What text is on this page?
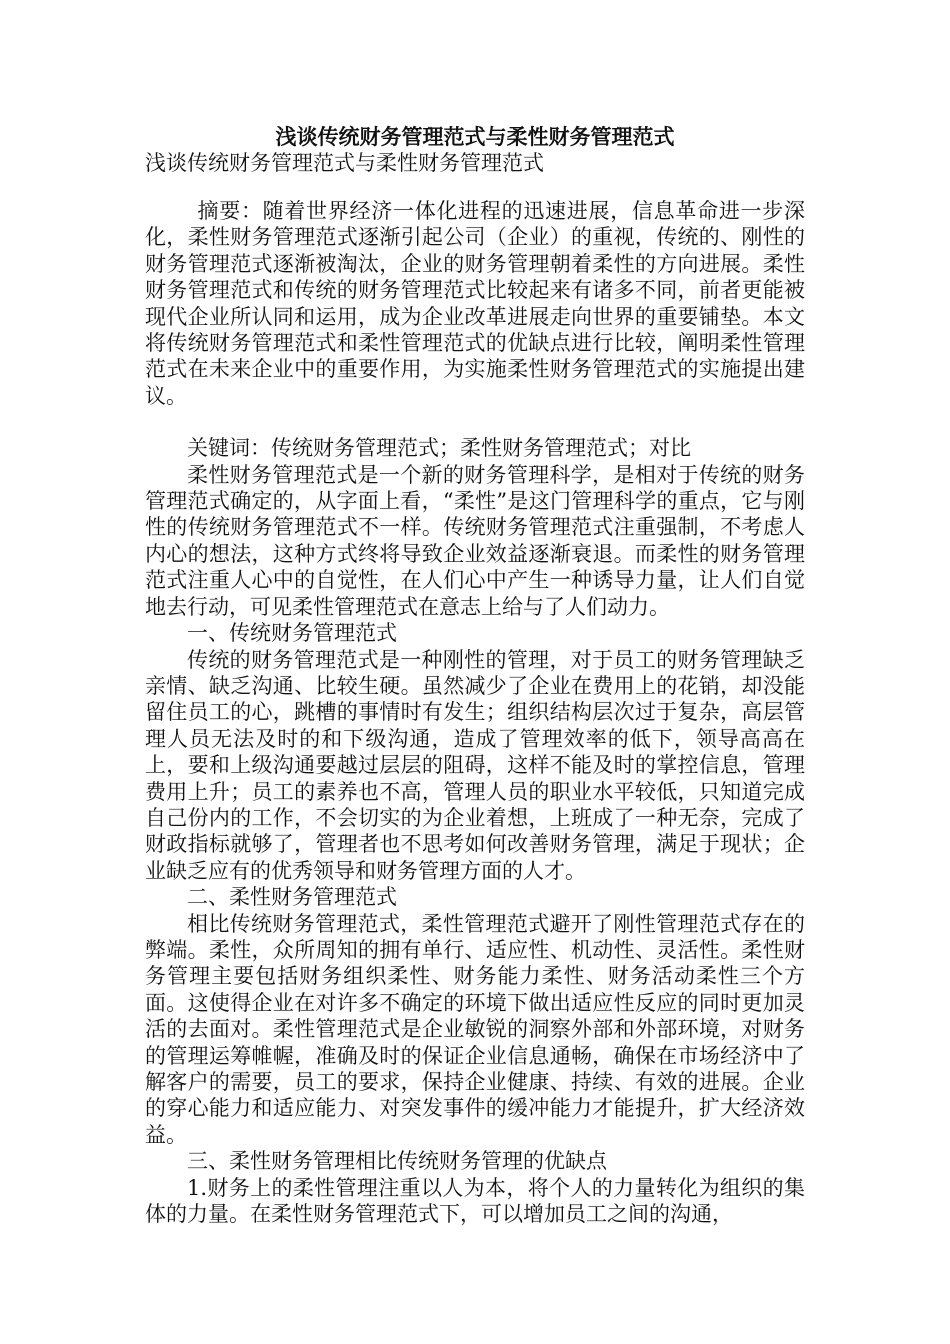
浅谈传统财务管理范式与柔性财务管理范式
浅谈传统财务管理范式与柔性财务管理范式

摘要：随着世界经济一体化进程的迅速进展，信息革命进一步深化，柔性财务管理范式逐渐引起公司（企业）的重视，传统的、刚性的财务管理范式逐渐被淘汰，企业的财务管理朝着柔性的方向进展。柔性财务管理范式和传统的财务管理范式比较起来有诸多不同，前者更能被现代企业所认同和运用，成为企业改革进展走向世界的重要铺垫。本文将传统财务管理范式和柔性管理范式的优缺点进行比较，阐明柔性管理范式在未来企业中的重要作用，为实施柔性财务管理范式的实施提出建议。

关键词：传统财务管理范式；柔性财务管理范式；对比

柔性财务管理范式是一个新的财务管理科学，是相对于传统的财务管理范式确定的，从字面上看，“柔性”是这门管理科学的重点，它与刚性的传统财务管理范式不一样。传统财务管理范式注重强制，不考虑人内心的想法，这种方式终将导致企业效益逐渐衰退。而柔性的财务管理范式注重人心中的自觉性，在人们心中产生一种诱导力量，让人们自觉地去行动，可见柔性管理范式在意志上给与了人们动力。

一、传统财务管理范式

传统的财务管理范式是一种刚性的管理，对于员工的财务管理缺乏亲情、缺乏沟通、比较生硬。虽然减少了企业在费用上的花销，却没能留住员工的心，跳槽的事情时有发生；组织结构层次过于复杂，高层管理人员无法及时的和下级沟通，造成了管理效率的低下，领导高高在上，要和上级沟通要越过层层的阻碍，这样不能及时的掌控信息，管理费用上升；员工的素养也不高，管理人员的职业水平较低，只知道完成自己份内的工作，不会切实的为企业着想，上班成了一种无奈，完成了财政指标就够了，管理者也不思考如何改善财务管理，满足于现状；企业缺乏应有的优秀领导和财务管理方面的人才。

二、柔性财务管理范式

相比传统财务管理范式，柔性管理范式避开了刚性管理范式存在的弊端。柔性，众所周知的拥有单行、适应性、机动性、灵活性。柔性财务管理主要包括财务组织柔性、财务能力柔性、财务活动柔性三个方面。这使得企业在对许多不确定的环境下做出适应性反应的同时更加灵活的去面对。柔性管理范式是企业敏锐的洞察外部和外部环境，对财务的管理运筹帷幄，准确及时的保证企业信息通畅，确保在市场经济中了解客户的需要，员工的要求，保持企业健康、持续、有效的进展。企业的穿心能力和适应能力、对突发事件的缓冲能力才能提升，扩大经济效益。

三、柔性财务管理相比传统财务管理的优缺点

1.财务上的柔性管理注重以人为本，将个人的力量转化为组织的集体的力量。在柔性财务管理范式下，可以增加员工之间的沟通，
